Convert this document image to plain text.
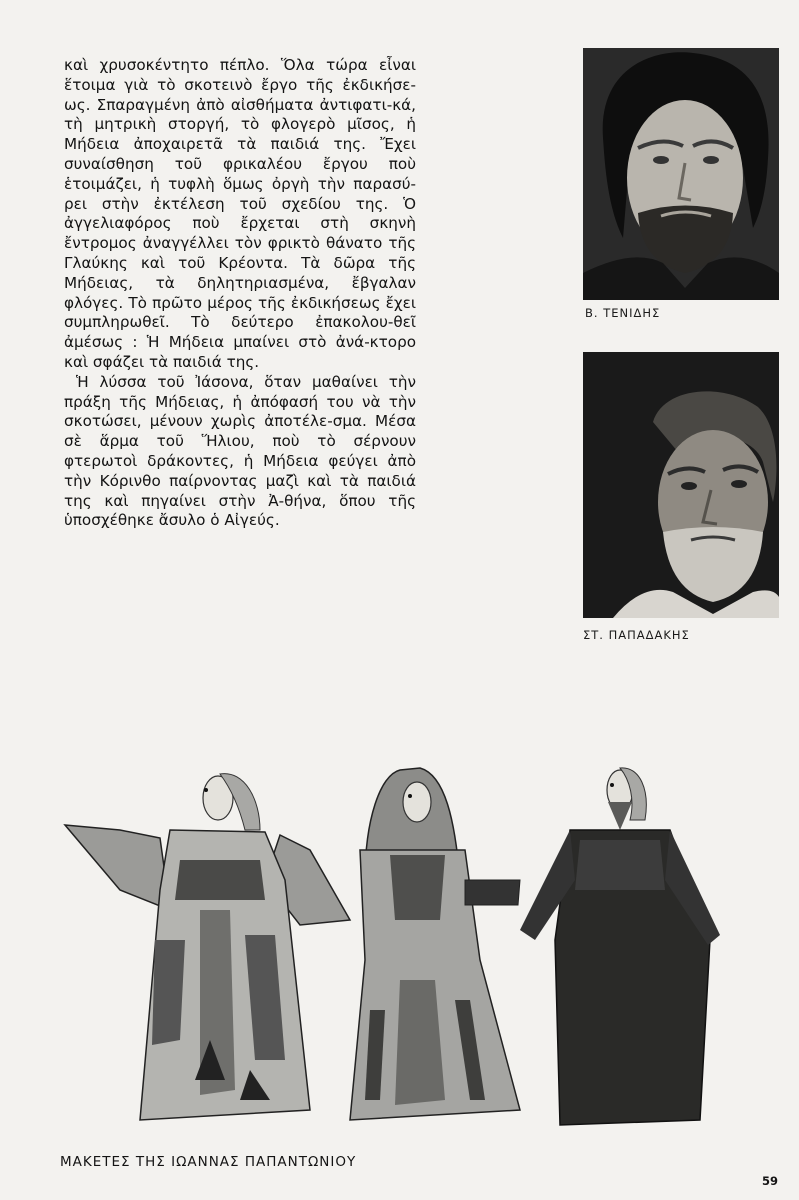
καὶ χρυσοκέντητο πέπλο. Ὅλα τώρα εἶναι ἕτοιμα γιὰ τὸ σκοτεινὸ ἔργο τῆς ἐκδικήσε-ως. Σπαραγμένη ἀπὸ αἰσθήματα ἀντιφατι-κά, τὴ μητρικὴ στοργή, τὸ φλογερὸ μῖσος, ἡ Μήδεια ἀποχαιρετᾶ τὰ παιδιά της. Ἔχει συναίσθηση τοῦ φρικαλέου ἔργου ποὺ ἑτοιμάζει, ἡ τυφλὴ ὅμως ὀργὴ τὴν παρασύ-ρει στὴν ἐκτέλεση τοῦ σχεδίου της. Ὁ ἀγγελιαφόρος ποὺ ἔρχεται στὴ σκηνὴ ἔντρομος ἀναγγέλλει τὸν φρικτὸ θάνατο τῆς Γλαύκης καὶ τοῦ Κρέοντα. Τὰ δῶρα τῆς Μήδειας, τὰ δηλητηριασμένα, ἔβγαλαν φλόγες. Τὸ πρῶτο μέρος τῆς ἐκδικήσεως ἔχει συμπληρωθεῖ. Τὸ δεύτερο ἐπακολου-θεῖ ἀμέσως : Ἡ Μήδεια μπαίνει στὸ ἀνά-κτορο καὶ σφάζει τὰ παιδιά της.

Ἡ λύσσα τοῦ Ἰάσονα, ὅταν μαθαίνει τὴν πράξη τῆς Μήδειας, ἡ ἀπόφασή του νὰ τὴν σκοτώσει, μένουν χωρὶς ἀποτέλε-σμα. Μέσα σὲ ἅρμα τοῦ Ἥλιου, ποὺ τὸ σέρνουν φτερωτοὶ δράκοντες, ἡ Μήδεια φεύγει ἀπὸ τὴν Κόρινθο παίρνοντας μαζὶ καὶ τὰ παιδιά της καὶ πηγαίνει στὴν Ἀ-θήνα, ὅπου τῆς ὑποσχέθηκε ἄσυλο ὁ Αἰγεύς.

Β. ΤΕΝΙΔΗΣ
ΣΤ. ΠΑΠΑΔΑΚΗΣ
ΜΑΚΕΤΕΣ ΤΗΣ ΙΩΑΝΝΑΣ ΠΑΠΑΝΤΩΝΙΟΥ
59
